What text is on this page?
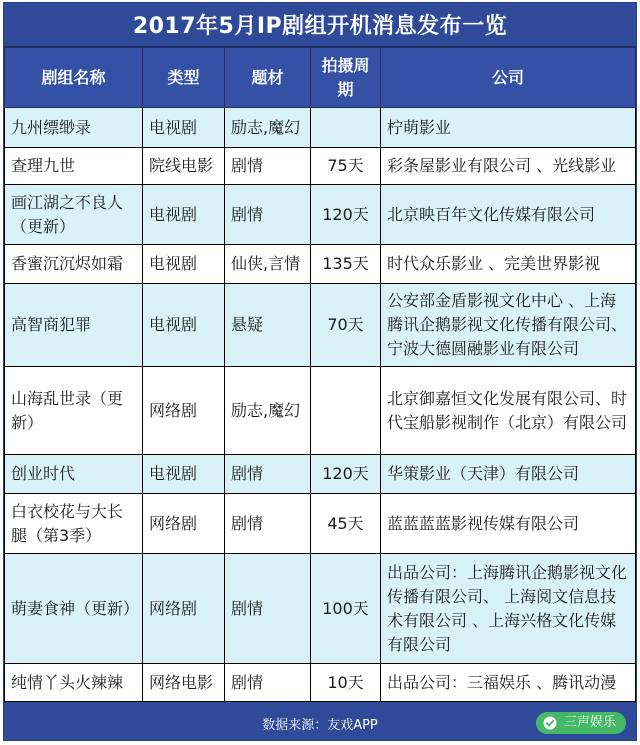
2017年5月IP剧组开机消息发布一览
剧组名称	类型	题材	拍摄周期	公司
九州缥缈录	电视剧	励志,魔幻		柠萌影业
查理九世	院线电影	剧情	75天	彩条屋影业有限公司 、光线影业
画江湖之不良人（更新）	电视剧	剧情	120天	北京映百年文化传媒有限公司
香蜜沉沉烬如霜	电视剧	仙侠,言情	135天	时代众乐影业 、完美世界影视
高智商犯罪	电视剧	悬疑	70天	公安部金盾影视文化中心 、上海腾讯企鹅影视文化传播有限公司、宁波大德圆融影业有限公司
山海乱世录（更新）	网络剧	励志,魔幻		北京御嘉恒文化发展有限公司、时代宝船影视制作（北京）有限公司
创业时代	电视剧	剧情	120天	华策影业（天津）有限公司
白衣校花与大长腿（第3季）	网络剧	剧情	45天	蓝蓝蓝蓝影视传媒有限公司
萌妻食神（更新）	网络剧	剧情	100天	出品公司：上海腾讯企鹅影视文化传播有限公司、 上海阅文信息技术有限公司 、上海兴格文化传媒有限公司
纯情丫头火辣辣	网络电影	剧情	10天	出品公司：三福娱乐 、腾讯动漫
数据来源：友戏APP	三声娱乐
